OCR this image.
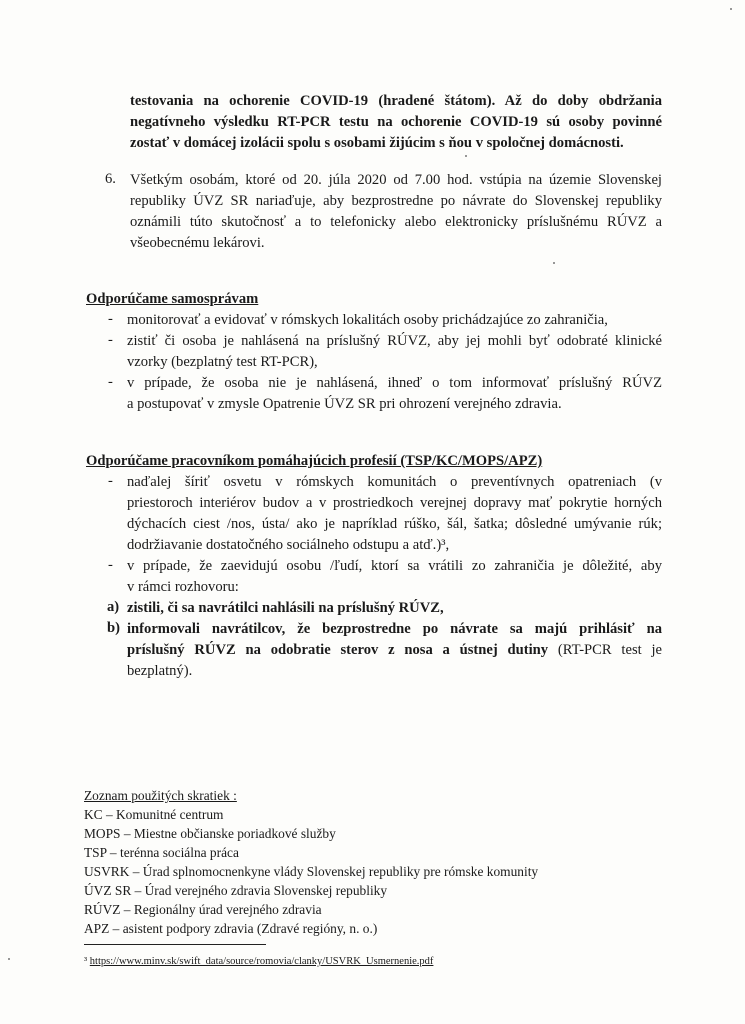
testovania na ochorenie COVID-19 (hradené štátom). Až do doby obdržania
negatívneho výsledku RT-PCR testu na ochorenie COVID-19 sú osoby povinné
zostať v domácej izolácii spolu s osobami žijúcim s ňou v spoločnej domácnosti.
6. Všetkým osobám, ktoré od 20. júla 2020 od 7.00 hod. vstúpia na územie Slovenskej
republiky ÚVZ SR nariaďuje, aby bezprostredne po návrate do Slovenskej republiky
oznámili túto skutočnosť a to telefonicky alebo elektronicky príslušnému RÚVZ a
všeobecnému lekárovi.
Odporúčame samosprávam
- monitorovať a evidovať v rómskych lokalitách osoby prichádzajúce zo zahraničia,
- zistiť či osoba je nahlásená na príslušný RÚVZ, aby jej mohli byť odobraté klinické
vzorky (bezplatný test RT-PCR),
- v prípade, že osoba nie je nahlásená, ihneď o tom informovať príslušný RÚVZ
a postupovať v zmysle Opatrenie ÚVZ SR pri ohrození verejného zdravia.
Odporúčame pracovníkom pomáhajúcich profesií (TSP/KC/MOPS/APZ)
- naďalej šíriť osvetu v rómskych komunitách o preventívnych opatreniach (v
priestoroch interiérov budov a v prostriedkoch verejnej dopravy mať pokrytie horných
dýchacích ciest /nos, ústa/ ako je napríklad rúško, šál, šatka; dôsledné umývanie rúk;
dodržiavanie dostatočného sociálneho odstupu a atď.)³,
- v prípade, že zaevidujú osobu /ľudí, ktorí sa vrátili zo zahraničia je dôležité, aby
v rámci rozhovoru:
a) zistili, či sa navrátilci nahlásili na príslušný RÚVZ,
b) informovali navrátilcov, že bezprostredne po návrate sa majú prihlásiť na
príslušný RÚVZ na odobratie sterov z nosa a ústnej dutiny (RT-PCR test je
bezplatný).
Zoznam použitých skratiek :
KC – Komunitné centrum
MOPS – Miestne občianske poriadkové služby
TSP – terénna sociálna práca
USVRK – Úrad splnomocnenkyne vlády Slovenskej republiky pre rómske komunity
ÚVZ SR – Úrad verejného zdravia Slovenskej republiky
RÚVZ – Regionálny úrad verejného zdravia
APZ – asistent podpory zdravia (Zdravé regióny, n. o.)
³ https://www.minv.sk/swift_data/source/romovia/clanky/USVRK_Usmernenie.pdf
